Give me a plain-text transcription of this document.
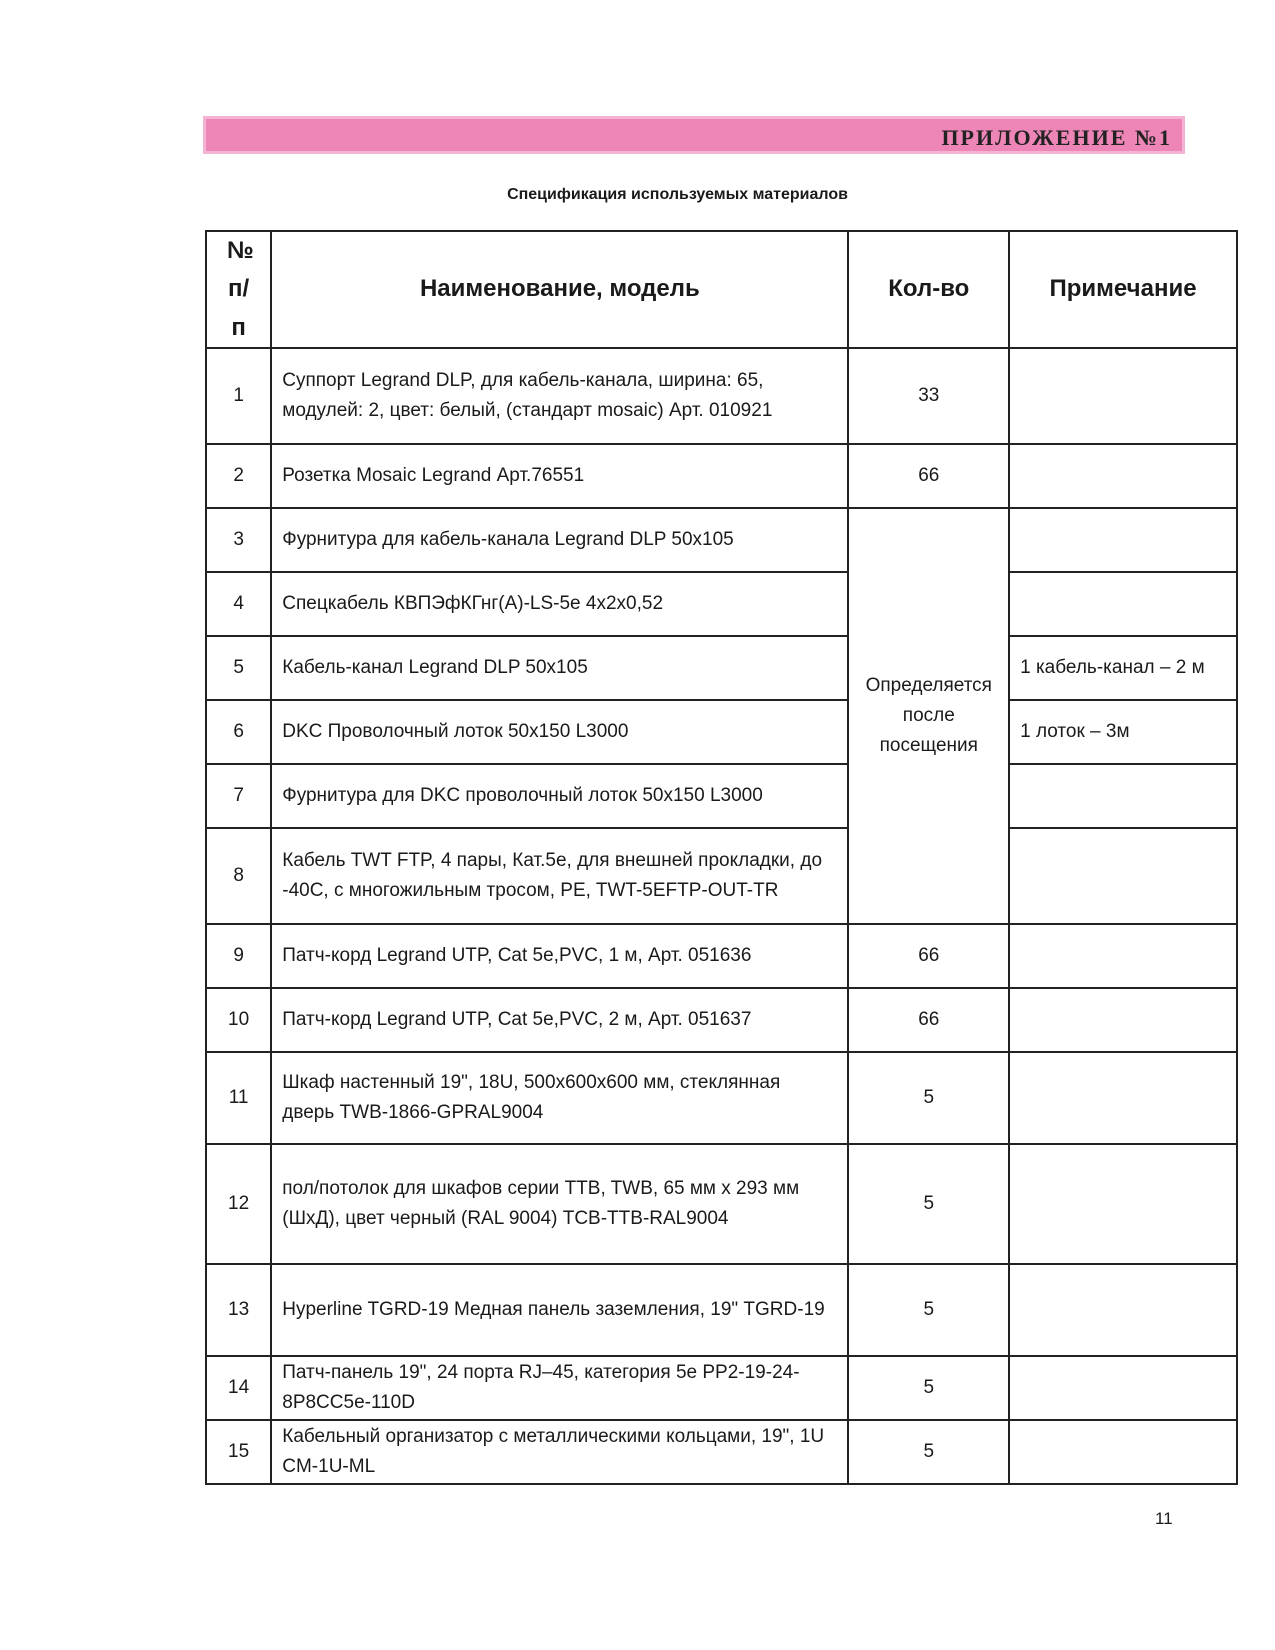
ПРИЛОЖЕНИЕ №1
Спецификация используемых материалов
№ п/п	Наименование, модель	Кол-во	Примечание
1	Суппорт Legrand DLP, для кабель-канала, ширина: 65, модулей: 2, цвет: белый, (стандарт mosaic) Арт. 010921	33	
2	Розетка Mosaic Legrand Арт.76551	66	
3	Фурнитура для кабель-канала Legrand DLP 50x105	Определяется после посещения	
4	Спецкабель КВПЭфКГнг(А)-LS-5e 4x2x0,52		
5	Кабель-канал Legrand DLP 50x105		1 кабель-канал – 2 м
6	DKC Проволочный лоток 50x150 L3000		1 лоток – 3м
7	Фурнитура для DKC проволочный лоток 50x150 L3000		
8	Кабель TWT FTP, 4 пары, Кат.5e, для внешней прокладки, до -40С, с многожильным тросом, PE, TWT-5EFTP-OUT-TR		
9	Патч-корд Legrand UTP, Cat 5e,PVC, 1 м, Арт. 051636	66	
10	Патч-корд Legrand UTP, Cat 5e,PVC, 2 м, Арт. 051637	66	
11	Шкаф настенный 19", 18U, 500x600x600 мм, стеклянная дверь TWB-1866-GPRAL9004	5	
12	пол/потолок для шкафов серии TTB, TWB, 65 мм х 293 мм (ШхД), цвет черный (RAL 9004) TCB-TTB-RAL9004	5	
13	Hyperline TGRD-19 Медная панель заземления, 19" TGRD-19	5	
14	Патч-панель 19", 24 порта RJ–45, категория 5e PP2-19-24-8P8CC5e-110D	5	
15	Кабельный организатор с металлическими кольцами, 19", 1U CM-1U-ML	5	
11
